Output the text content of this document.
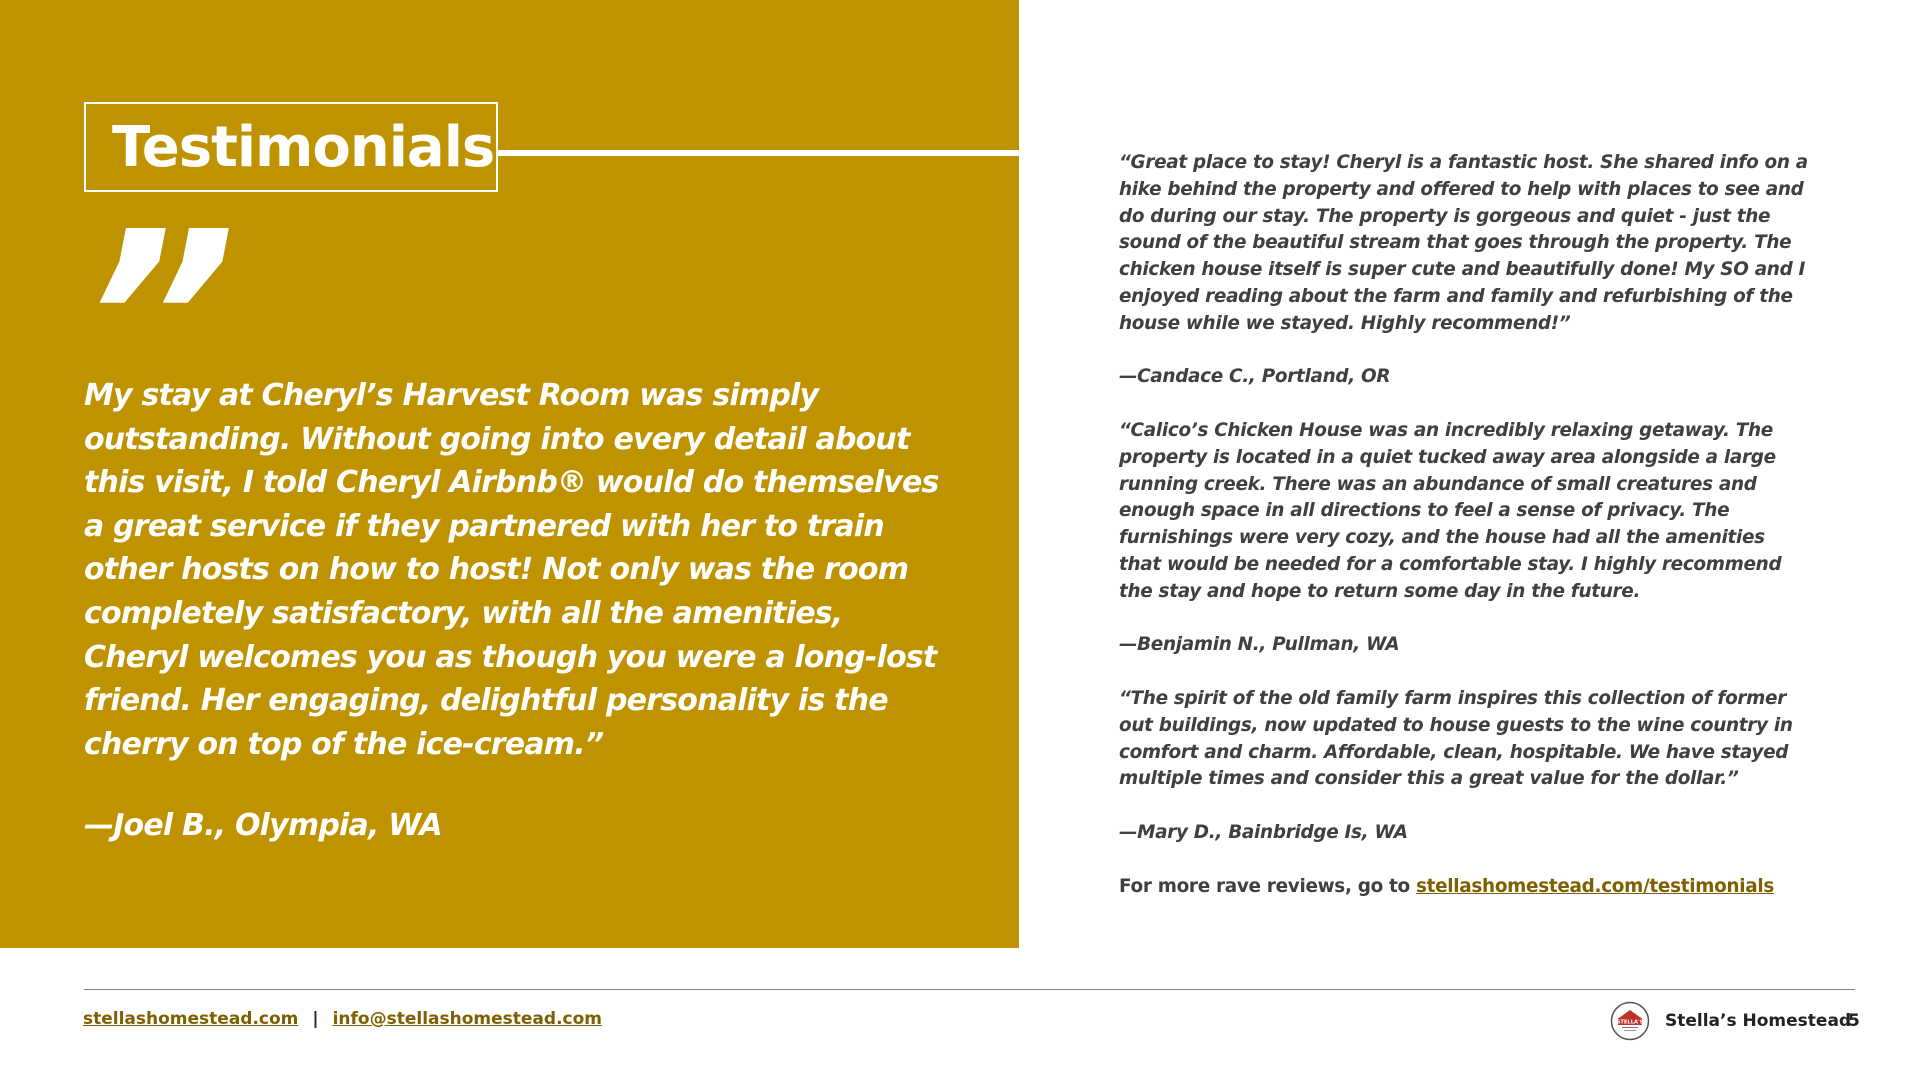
Testimonials
”

My stay at Cheryl’s Harvest Room was simply outstanding. Without going into every detail about this visit, I told Cheryl Airbnb® would do themselves a great service if they partnered with her to train other hosts on how to host! Not only was the room completely satisfactory, with all the amenities, Cheryl welcomes you as though you were a long-lost friend. Her engaging, delightful personality is the cherry on top of the ice-cream.”

—Joel B., Olympia, WA

“Great place to stay! Cheryl is a fantastic host. She shared info on a hike behind the property and offered to help with places to see and do during our stay. The property is gorgeous and quiet - just the sound of the beautiful stream that goes through the property. The chicken house itself is super cute and beautifully done! My SO and I enjoyed reading about the farm and family and refurbishing of the house while we stayed. Highly recommend!”

—Candace C., Portland, OR

“Calico’s Chicken House was an incredibly relaxing getaway. The property is located in a quiet tucked away area alongside a large running creek. There was an abundance of small creatures and enough space in all directions to feel a sense of privacy. The furnishings were very cozy, and the house had all the amenities that would be needed for a comfortable stay. I highly recommend the stay and hope to return some day in the future.

—Benjamin N., Pullman, WA

“The spirit of the old family farm inspires this collection of former out buildings, now updated to house guests to the wine country in comfort and charm. Affordable, clean, hospitable. We have stayed multiple times and consider this a great value for the dollar.”

—Mary D., Bainbridge Is, WA

For more rave reviews, go to stellashomestead.com/testimonials

stellashomestead.com | info@stellashomestead.com	STELLA'S Stella’s Homestead
5
